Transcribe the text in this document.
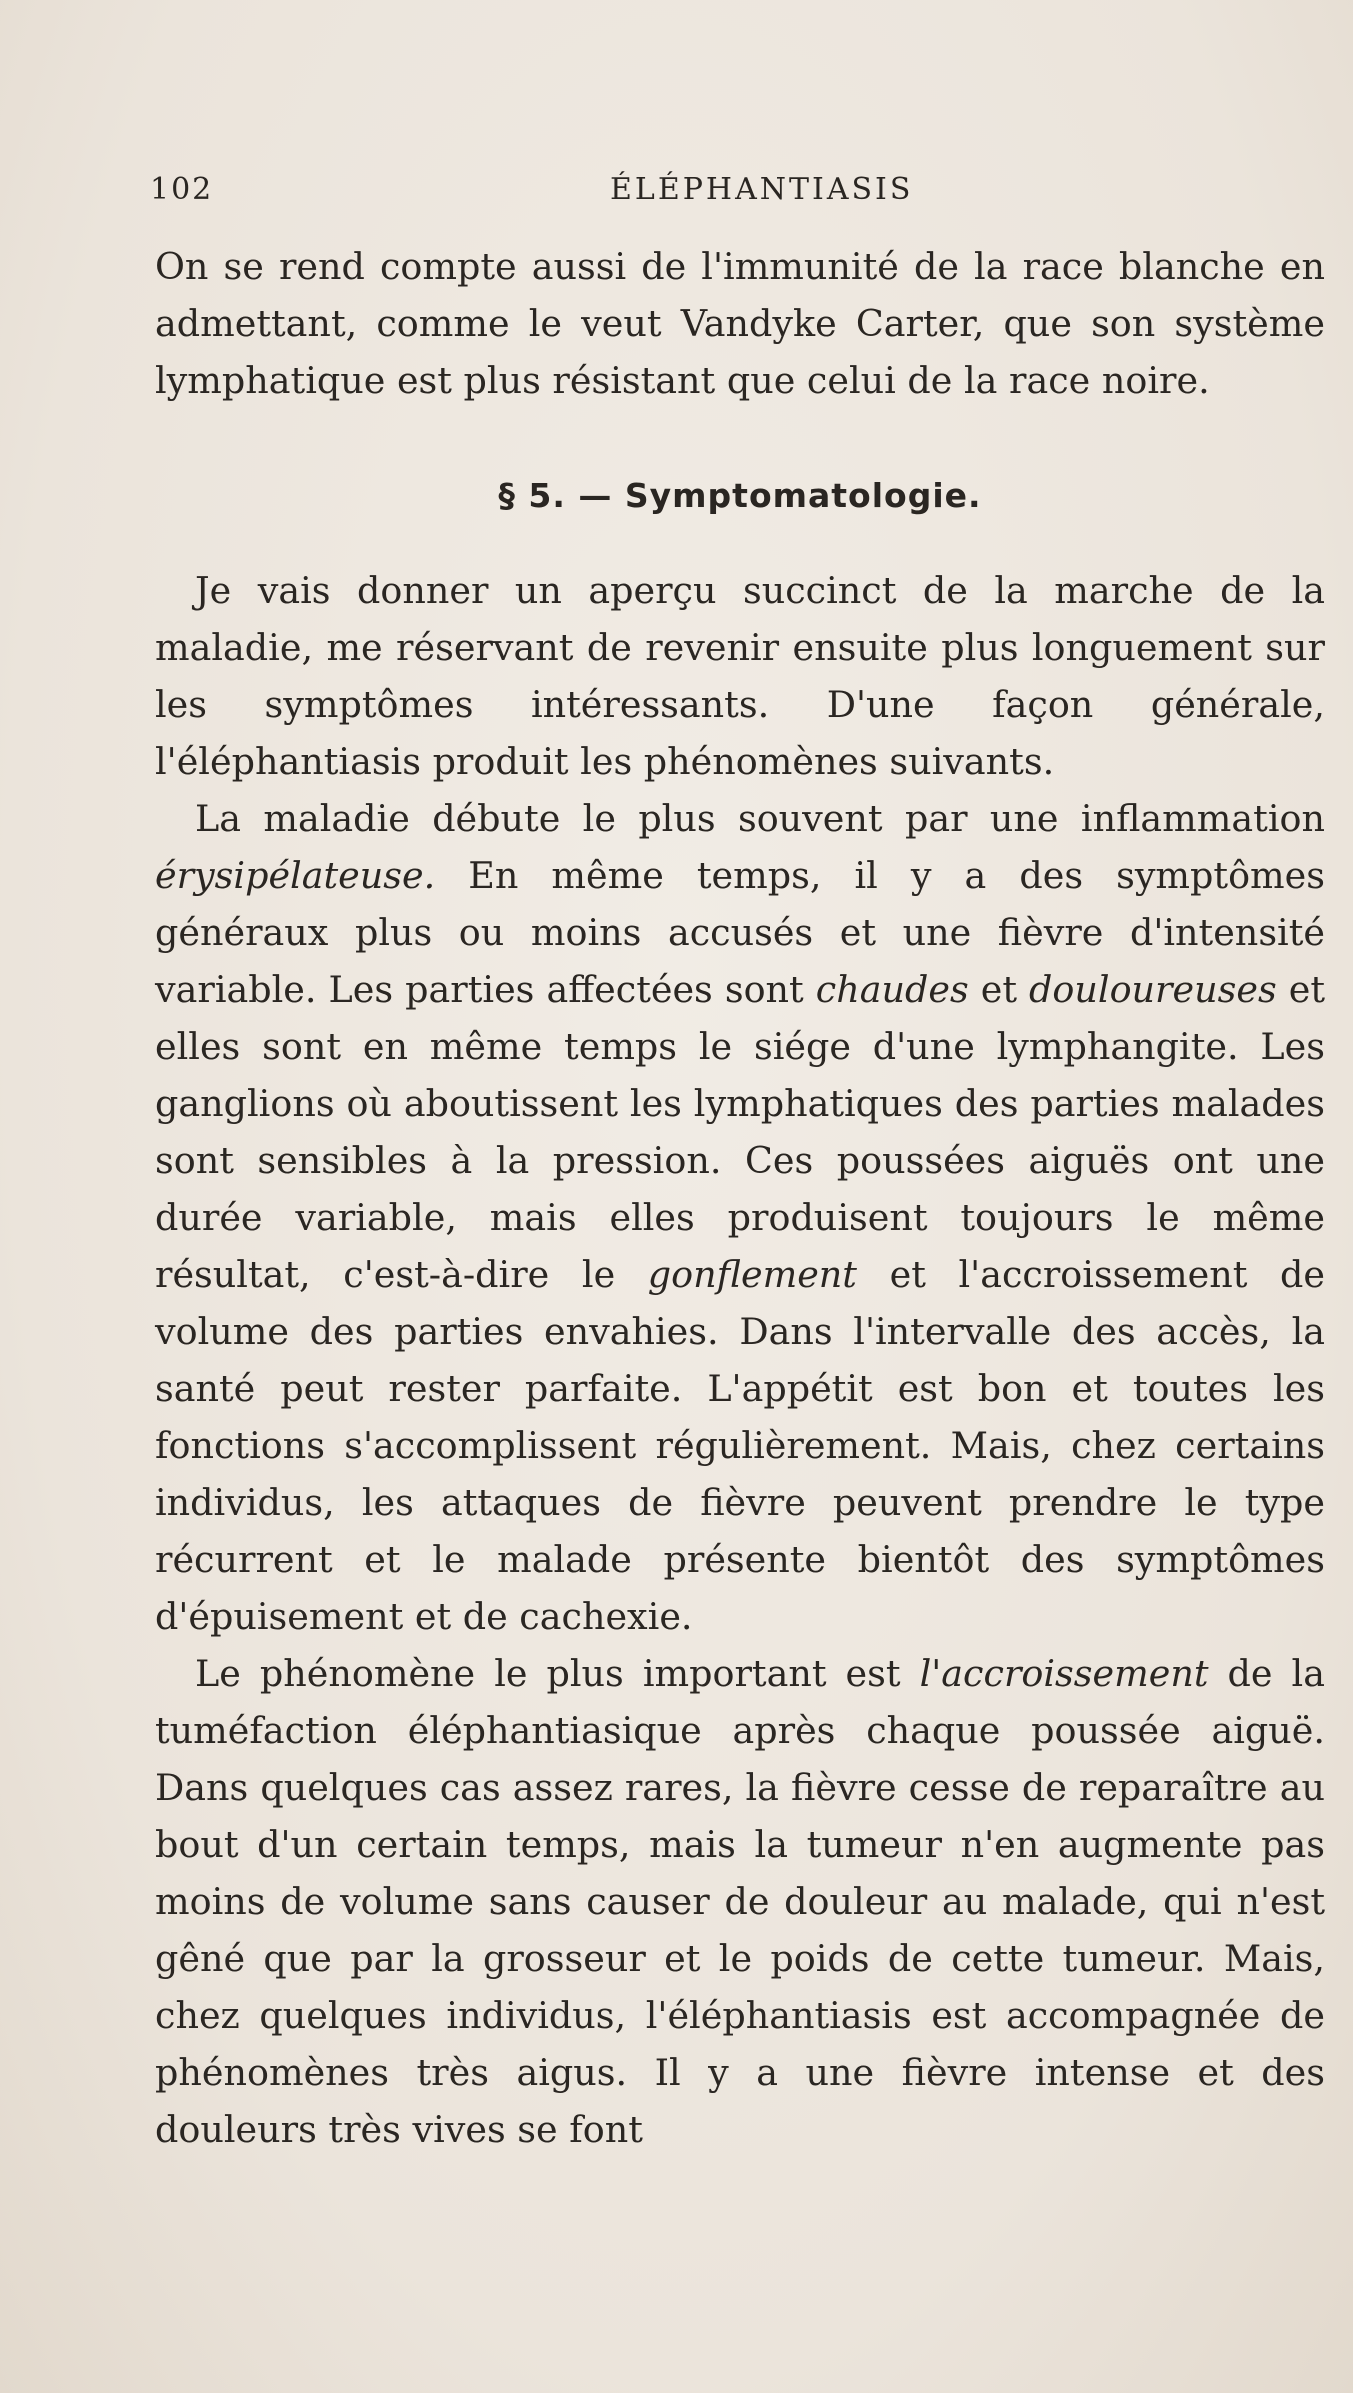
102	ÉLÉPHANTIASIS

On se rend compte aussi de l'immunité de la race blanche en admettant, comme le veut Vandyke Carter, que son système lymphatique est plus résistant que celui de la race noire.

§ 5. — Symptomatologie.

Je vais donner un aperçu succinct de la marche de la maladie, me réservant de revenir ensuite plus longuement sur les symptômes intéressants. D'une façon générale, l'éléphantiasis produit les phénomènes suivants.

La maladie débute le plus souvent par une inflammation érysipélateuse. En même temps, il y a des symptômes généraux plus ou moins accusés et une fièvre d'intensité variable. Les parties affectées sont chaudes et douloureuses et elles sont en même temps le siége d'une lymphangite. Les ganglions où aboutissent les lymphatiques des parties malades sont sensibles à la pression. Ces poussées aiguës ont une durée variable, mais elles produisent toujours le même résultat, c'est-à-dire le gonflement et l'accroissement de volume des parties envahies. Dans l'intervalle des accès, la santé peut rester parfaite. L'appétit est bon et toutes les fonctions s'accomplissent régulièrement. Mais, chez certains individus, les attaques de fièvre peuvent prendre le type récurrent et le malade présente bientôt des symptômes d'épuisement et de cachexie.

Le phénomène le plus important est l'accroissement de la tuméfaction éléphantiasique après chaque poussée aiguë. Dans quelques cas assez rares, la fièvre cesse de reparaître au bout d'un certain temps, mais la tumeur n'en augmente pas moins de volume sans causer de douleur au malade, qui n'est gêné que par la grosseur et le poids de cette tumeur. Mais, chez quelques individus, l'éléphantiasis est accompagnée de phénomènes très aigus. Il y a une fièvre intense et des douleurs très vives se font
